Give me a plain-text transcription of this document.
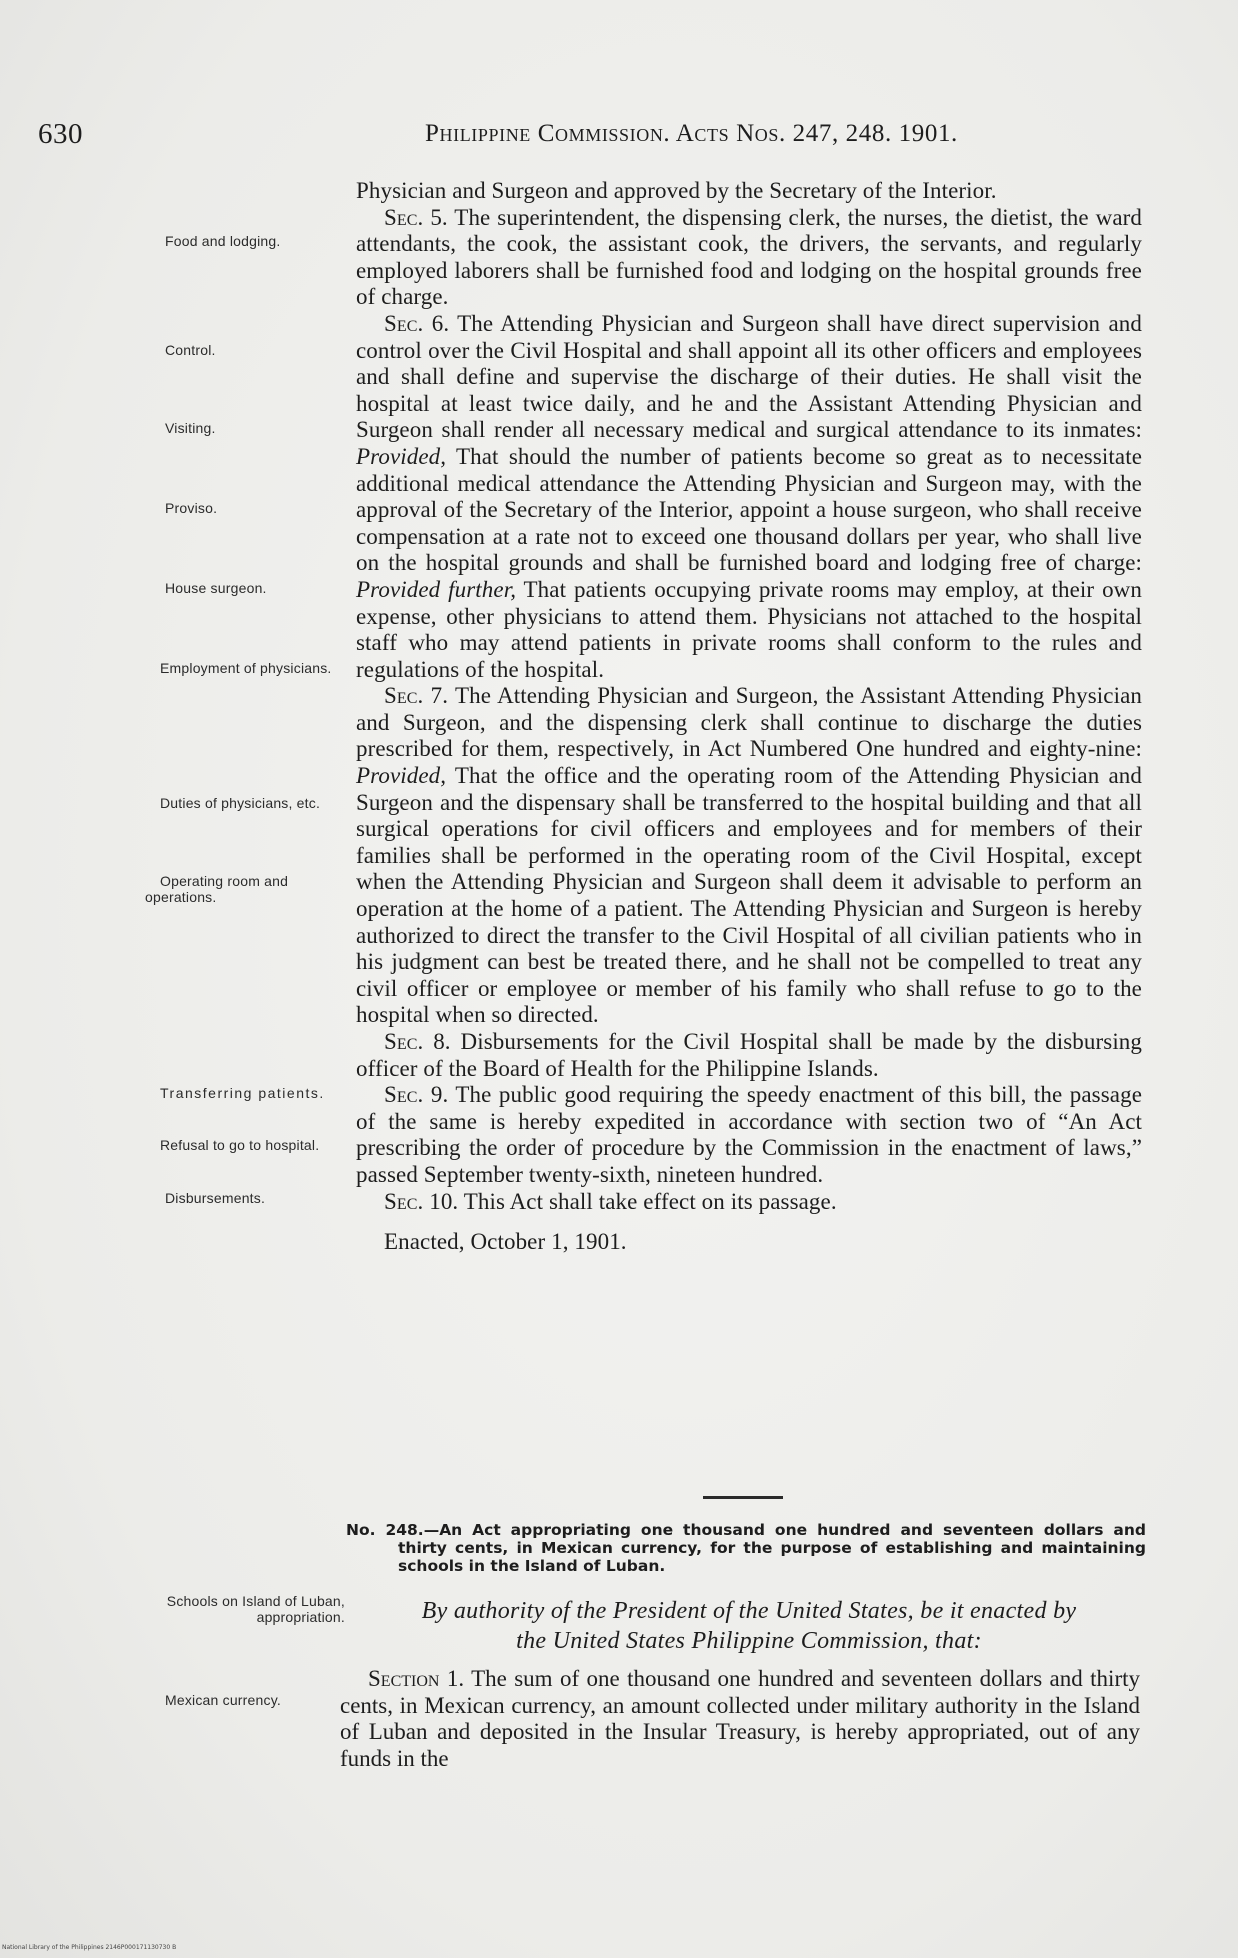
630	Philippine Commission. Acts Nos. 247, 248. 1901.
Food and lodging.
Control.
Visiting.
Proviso.
House surgeon.
Employment of physicians.
Duties of physicians, etc.
Operating room and operations.
Transferring patients.
Refusal to go to hospital.
Disbursements.
Schools on Island of Luban, appropriation.
Mexican currency.

Physician and Surgeon and approved by the Secretary of the Interior.

Sec. 5. The superintendent, the dispensing clerk, the nurses, the dietist, the ward attendants, the cook, the assistant cook, the drivers, the servants, and regularly employed laborers shall be furnished food and lodging on the hospital grounds free of charge.

Sec. 6. The Attending Physician and Surgeon shall have direct supervision and control over the Civil Hospital and shall appoint all its other officers and employees and shall define and supervise the discharge of their duties. He shall visit the hospital at least twice daily, and he and the Assistant Attending Physician and Surgeon shall render all necessary medical and surgical attendance to its inmates: Provided, That should the number of patients become so great as to necessitate additional medical attendance the Attending Physician and Surgeon may, with the approval of the Secretary of the Interior, appoint a house surgeon, who shall receive compensation at a rate not to exceed one thousand dollars per year, who shall live on the hospital grounds and shall be furnished board and lodging free of charge: Provided further, That patients occupying private rooms may employ, at their own expense, other physicians to attend them. Physicians not attached to the hospital staff who may attend patients in private rooms shall conform to the rules and regulations of the hospital.

Sec. 7. The Attending Physician and Surgeon, the Assistant Attending Physician and Surgeon, and the dispensing clerk shall continue to discharge the duties prescribed for them, respectively, in Act Numbered One hundred and eighty-nine: Provided, That the office and the operating room of the Attending Physician and Surgeon and the dispensary shall be transferred to the hospital building and that all surgical operations for civil officers and employees and for members of their families shall be performed in the operating room of the Civil Hospital, except when the Attending Physician and Surgeon shall deem it advisable to perform an operation at the home of a patient. The Attending Physician and Surgeon is hereby authorized to direct the transfer to the Civil Hospital of all civilian patients who in his judgment can best be treated there, and he shall not be compelled to treat any civil officer or employee or member of his family who shall refuse to go to the hospital when so directed.

Sec. 8. Disbursements for the Civil Hospital shall be made by the disbursing officer of the Board of Health for the Philippine Islands.

Sec. 9. The public good requiring the speedy enactment of this bill, the passage of the same is hereby expedited in accordance with section two of “An Act prescribing the order of procedure by the Commission in the enactment of laws,” passed September twenty-sixth, nineteen hundred.

Sec. 10. This Act shall take effect on its passage.

Enacted, October 1, 1901.

No. 248.—An Act appropriating one thousand one hundred and seventeen dollars and thirty cents, in Mexican currency, for the purpose of establishing and maintaining schools in the Island of Luban.
By authority of the President of the United States, be it enacted by
the United States Philippine Commission, that:

Section 1. The sum of one thousand one hundred and seventeen dollars and thirty cents, in Mexican currency, an amount collected under military authority in the Island of Luban and deposited in the Insular Treasury, is hereby appropriated, out of any funds in the

National Library of the Philippines 2146P000171130730 B
